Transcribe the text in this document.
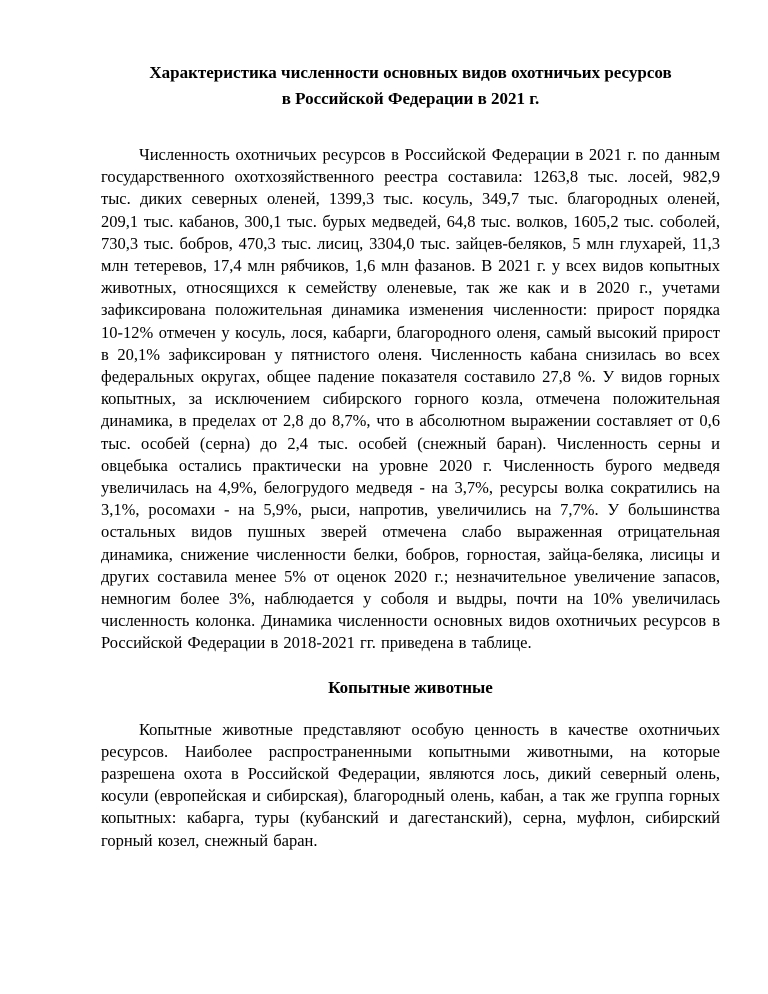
Характеристика численности основных видов охотничьих ресурсов
в Российской Федерации в 2021 г.

Численность охотничьих ресурсов в Российской Федерации в 2021 г. по данным государственного охотхозяйственного реестра составила: 1263,8 тыс. лосей, 982,9 тыс. диких северных оленей, 1399,3 тыс. косуль, 349,7 тыс. благородных оленей, 209,1 тыс. кабанов, 300,1 тыс. бурых медведей, 64,8 тыс. волков, 1605,2 тыс. соболей, 730,3 тыс. бобров, 470,3 тыс. лисиц, 3304,0 тыс. зайцев-беляков, 5 млн глухарей, 11,3 млн тетеревов, 17,4 млн рябчиков, 1,6 млн фазанов. В 2021 г. у всех видов копытных животных, относящихся к семейству оленевые, так же как и в 2020 г., учетами зафиксирована положительная динамика изменения численности: прирост порядка 10-12% отмечен у косуль, лося, кабарги, благородного оленя, самый высокий прирост в 20,1% зафиксирован у пятнистого оленя. Численность кабана снизилась во всех федеральных округах, общее падение показателя составило 27,8 %. У видов горных копытных, за исключением сибирского горного козла, отмечена положительная динамика, в пределах от 2,8 до 8,7%, что в абсолютном выражении составляет от 0,6 тыс. особей (серна) до 2,4 тыс. особей (снежный баран). Численность серны и овцебыка остались практически на уровне 2020 г. Численность бурого медведя увеличилась на 4,9%, белогрудого медведя - на 3,7%, ресурсы волка сократились на 3,1%, росомахи - на 5,9%, рыси, напротив, увеличились на 7,7%. У большинства остальных видов пушных зверей отмечена слабо выраженная отрицательная динамика, снижение численности белки, бобров, горностая, зайца-беляка, лисицы и других составила менее 5% от оценок 2020 г.; незначительное увеличение запасов, немногим более 3%, наблюдается у соболя и выдры, почти на 10% увеличилась численность колонка. Динамика численности основных видов охотничьих ресурсов в Российской Федерации в 2018-2021 гг. приведена в таблице.

Копытные животные

Копытные животные представляют особую ценность в качестве охотничьих ресурсов. Наиболее распространенными копытными животными, на которые разрешена охота в Российской Федерации, являются лось, дикий северный олень, косули (европейская и сибирская), благородный олень, кабан, а так же группа горных копытных: кабарга, туры (кубанский и дагестанский), серна, муфлон, сибирский горный козел, снежный баран.
